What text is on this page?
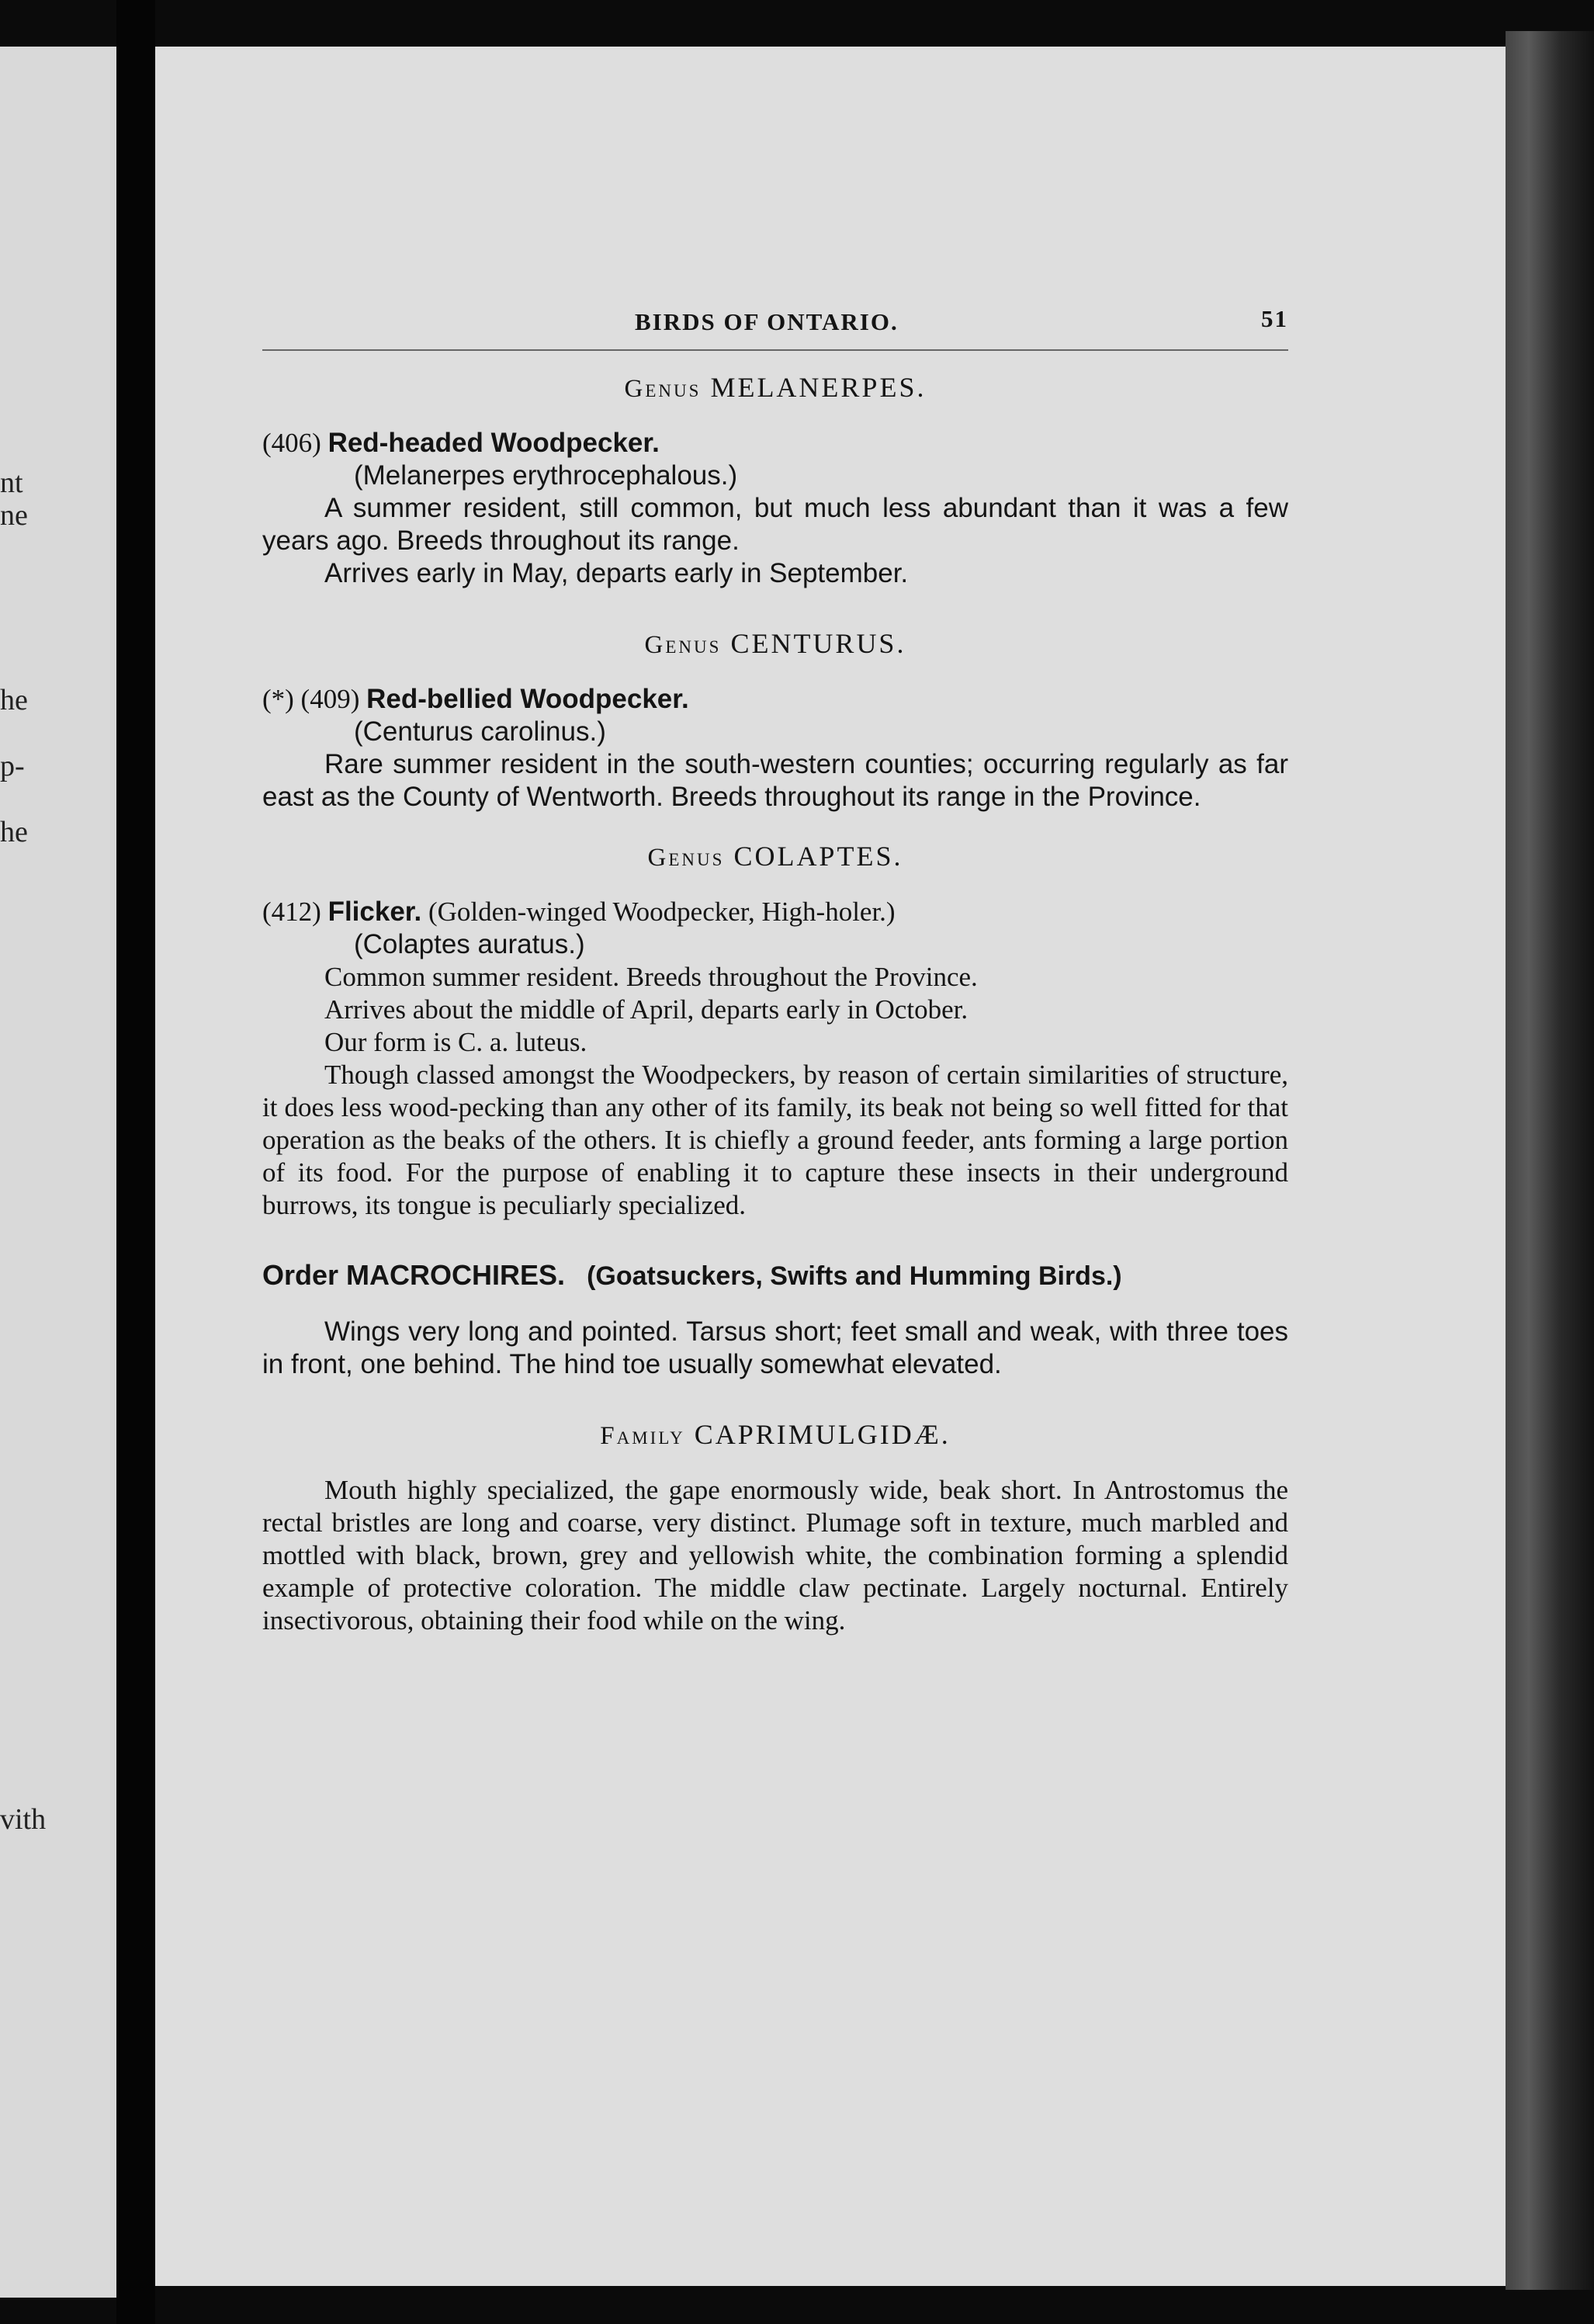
nt
ne
he
p-
he
vith
BIRDS OF ONTARIO.	51
Genus MELANERPES.
(406) Red-headed Woodpecker.
(Melanerpes erythrocephalous.)
A summer resident, still common, but much less abundant than it was a few years ago. Breeds throughout its range.
Arrives early in May, departs early in September.
Genus CENTURUS.
(*) (409) Red-bellied Woodpecker.
(Centurus carolinus.)
Rare summer resident in the south-western counties; occurring regularly as far east as the County of Wentworth. Breeds throughout its range in the Province.
Genus COLAPTES.
(412) Flicker. (Golden-winged Woodpecker, High-holer.)
(Colaptes auratus.)
Common summer resident. Breeds throughout the Province.
Arrives about the middle of April, departs early in October.
Our form is C. a. luteus.
Though classed amongst the Woodpeckers, by reason of certain similarities of structure, it does less wood-pecking than any other of its family, its beak not being so well fitted for that operation as the beaks of the others. It is chiefly a ground feeder, ants forming a large portion of its food. For the purpose of enabling it to capture these insects in their underground burrows, its tongue is peculiarly specialized.
Order MACROCHIRES. (Goatsuckers, Swifts and Humming Birds.)
Wings very long and pointed. Tarsus short; feet small and weak, with three toes in front, one behind. The hind toe usually somewhat elevated.
Family CAPRIMULGIDÆ.
Mouth highly specialized, the gape enormously wide, beak short. In Antrostomus the rectal bristles are long and coarse, very distinct. Plumage soft in texture, much marbled and mottled with black, brown, grey and yellowish white, the combination forming a splendid example of protective coloration. The middle claw pectinate. Largely nocturnal. Entirely insectivorous, obtaining their food while on the wing.
